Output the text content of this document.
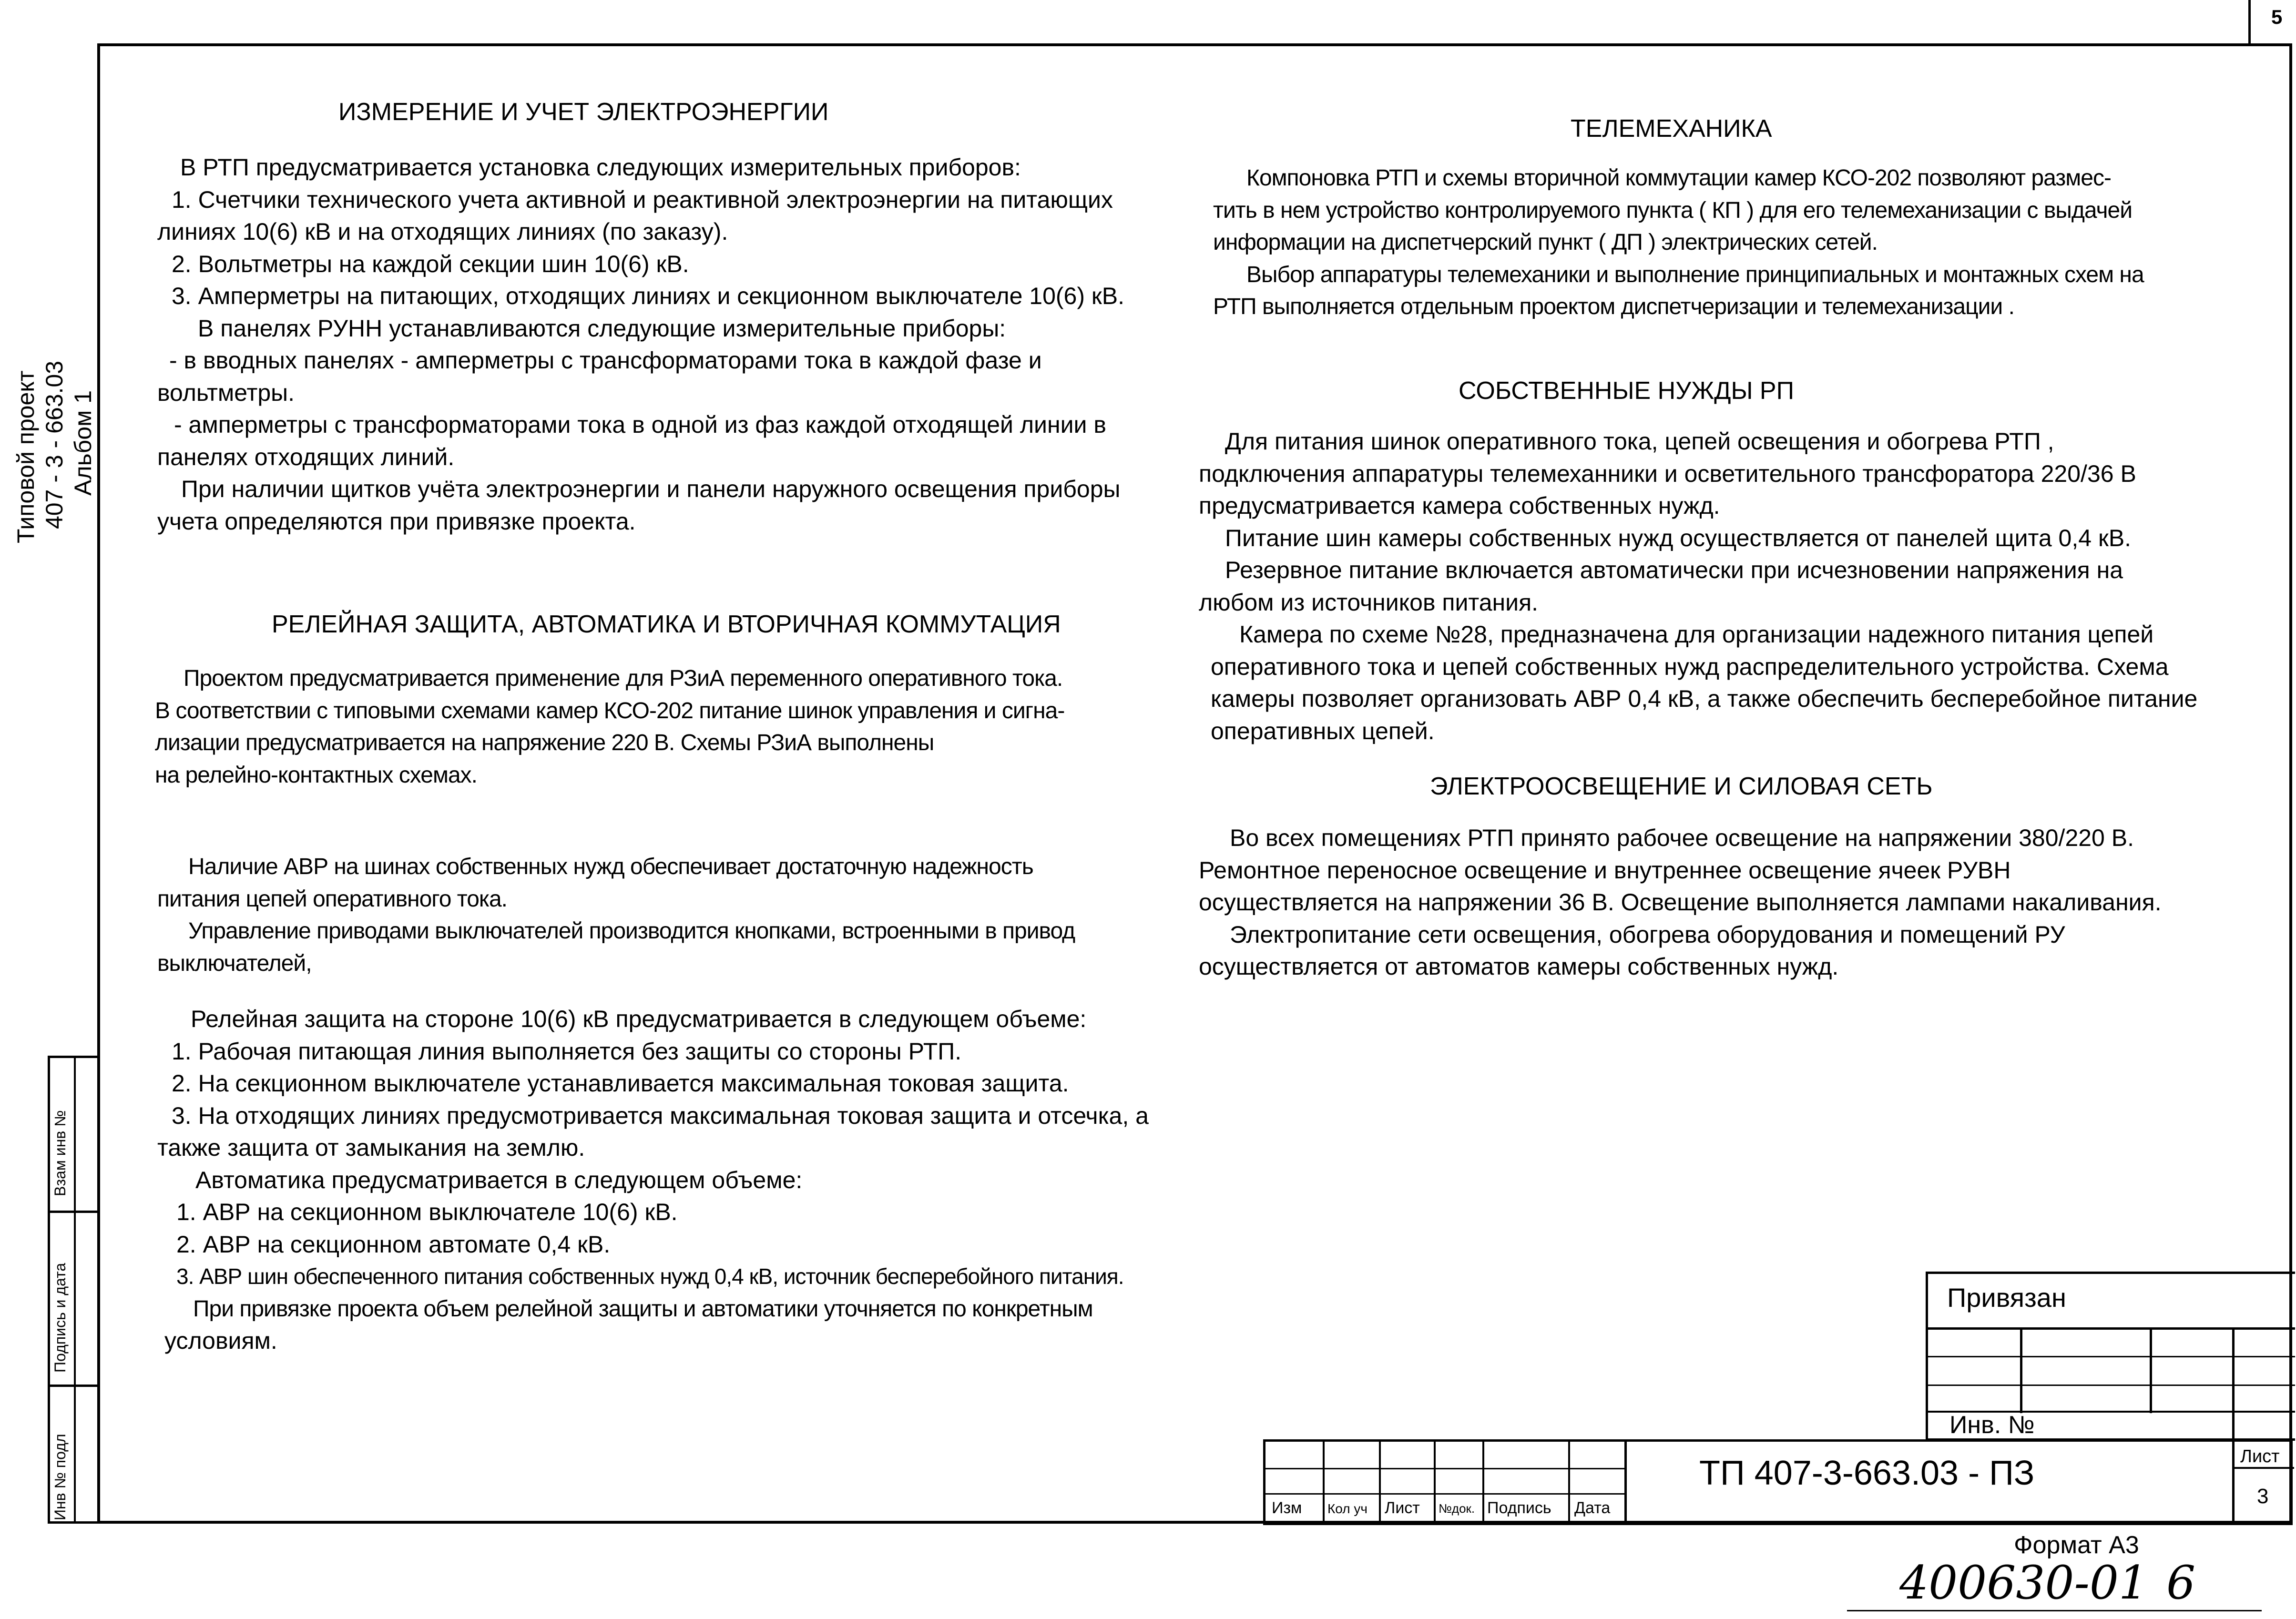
5
Типовой проект 407 - 3 - 663.03 Альбом 1
Взам инв №
Подпись и дата
Инв № подл
ИЗМЕРЕНИЕ И УЧЕТ ЭЛЕКТРОЭНЕРГИИ
В РТП предусматривается установка следующих измерительных приборов:
1. Счетчики технического учета активной и реактивной электроэнергии на питающих
линиях 10(6) кВ и на отходящих линиях (по заказу).
2. Вольтметры на каждой секции шин 10(6) кВ.
3. Амперметры на питающих, отходящих линиях и секционном выключателе 10(6) кВ.
В панелях РУНН устанавливаются следующие измерительные приборы:
- в вводных панелях - амперметры с трансформаторами тока в каждой фазе и
вольтметры.
- амперметры с трансформаторами тока в одной из фаз каждой отходящей линии в
панелях отходящих линий.
При наличии щитков учёта электроэнергии и панели наружного освещения приборы
учета определяются при привязке проекта.
РЕЛЕЙНАЯ ЗАЩИТА, АВТОМАТИКА И ВТОРИЧНАЯ КОММУТАЦИЯ
Проектом предусматривается применение для РЗиА переменного оперативного тока.
В соответствии с типовыми схемами камер КСО-202 питание шинок управления и сигна-
лизации предусматривается на напряжение 220 В. Схемы РЗиА выполнены
на релейно-контактных схемах.
Наличие АВР на шинах собственных нужд обеспечивает достаточную надежность
питания цепей оперативного тока.
Управление приводами выключателей производится кнопками, встроенными в привод
выключателей,
Релейная защита на стороне 10(6) кВ предусматривается в следующем объеме:
1. Рабочая питающая линия выполняется без защиты со стороны РТП.
2. На секционном выключателе устанавливается максимальная токовая защита.
3. На отходящих линиях предусмотривается максимальная токовая защита и отсечка, а
также защита от замыкания на землю.
Автоматика предусматривается в следующем объеме:
1. АВР на секционном выключателе 10(6) кВ.
2. АВР на секционном автомате 0,4 кВ.
3. АВР шин обеспеченного питания собственных нужд 0,4 кВ, источник бесперебойного питания.
При привязке проекта объем релейной защиты и автоматики уточняется по конкретным
условиям.
ТЕЛЕМЕХАНИКА
Компоновка РТП и схемы вторичной коммутации камер КСО-202 позволяют размес-
тить в нем устройство контролируемого пункта ( КП ) для его телемеханизации с выдачей
информации на диспетчерский пункт ( ДП ) электрических сетей.
Выбор аппаратуры телемеханики и выполнение принципиальных и монтажных схем на
РТП выполняется отдельным проектом диспетчеризации и телемеханизации .
СОБСТВЕННЫЕ НУЖДЫ РП
Для питания шинок оперативного тока, цепей освещения и обогрева РТП ,
подключения аппаратуры телемеханники и осветительного трансфоратора 220/36 В
предусматривается камера собственных нужд.
Питание шин камеры собственных нужд осуществляется от панелей щита 0,4 кВ.
Резервное питание включается автоматически при исчезновении напряжения на
любом из источников питания.
Камера по схеме №28, предназначена для организации надежного питания цепей
оперативного тока и цепей собственных нужд распределительного устройства. Схема
камеры позволяет организовать АВР 0,4 кВ, а также обеспечить бесперебойное питание
оперативных цепей.
ЭЛЕКТРООСВЕЩЕНИЕ И СИЛОВАЯ СЕТЬ
Во всех помещениях РТП принято рабочее освещение на напряжении 380/220 В.
Ремонтное переносное освещение и внутреннее освещение ячеек РУВН
осуществляется на напряжении 36 В. Освещение выполняется лампами накаливания.
Электропитание сети освещения, обогрева оборудования и помещений РУ
осуществляется от автоматов камеры собственных нужд.
Привязан
Инв. №
Изм Кол уч Лист №док. Подпись Дата
ТП 407-3-663.03 - ПЗ	Лист
3
Формат А3
400630-01 6
